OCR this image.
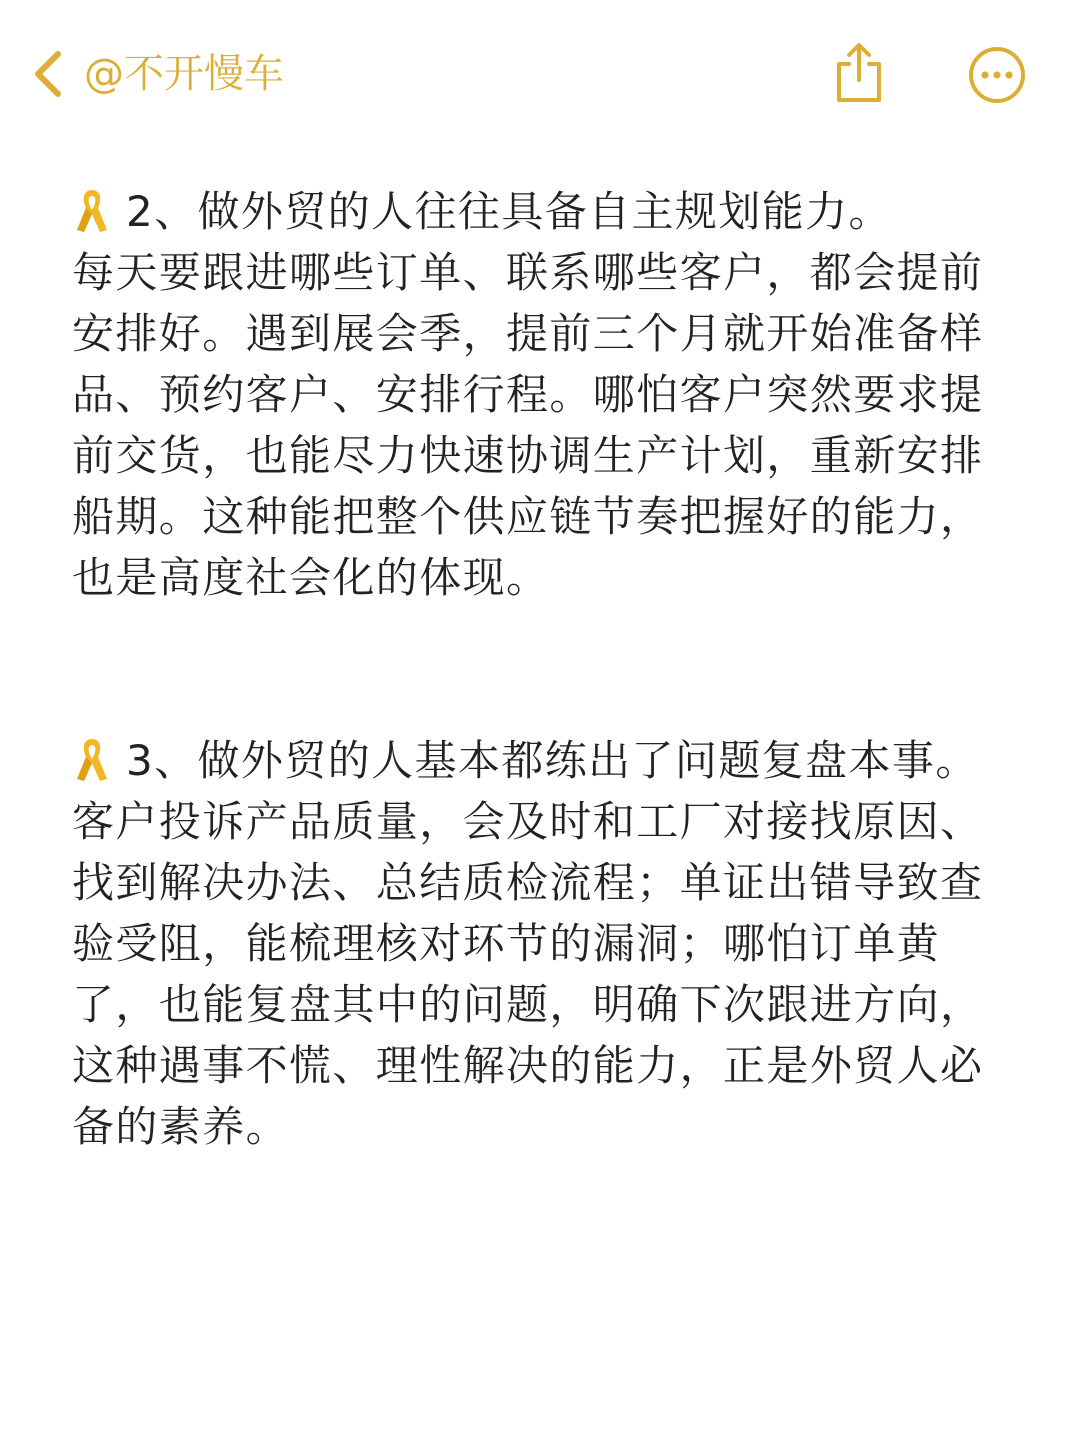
@不开慢车
2、做外贸的人往往具备自主规划能力。
每天要跟进哪些订单、联系哪些客户，都会提前
安排好。遇到展会季，提前三个月就开始准备样
品、预约客户、安排行程。哪怕客户突然要求提
前交货，也能尽力快速协调生产计划，重新安排
船期。这种能把整个供应链节奏把握好的能力，
也是高度社会化的体现。
3、做外贸的人基本都练出了问题复盘本事。
客户投诉产品质量，会及时和工厂对接找原因、
找到解决办法、总结质检流程；单证出错导致查
验受阻，能梳理核对环节的漏洞；哪怕订单黄
了，也能复盘其中的问题，明确下次跟进方向，
这种遇事不慌、理性解决的能力，正是外贸人必
备的素养。
